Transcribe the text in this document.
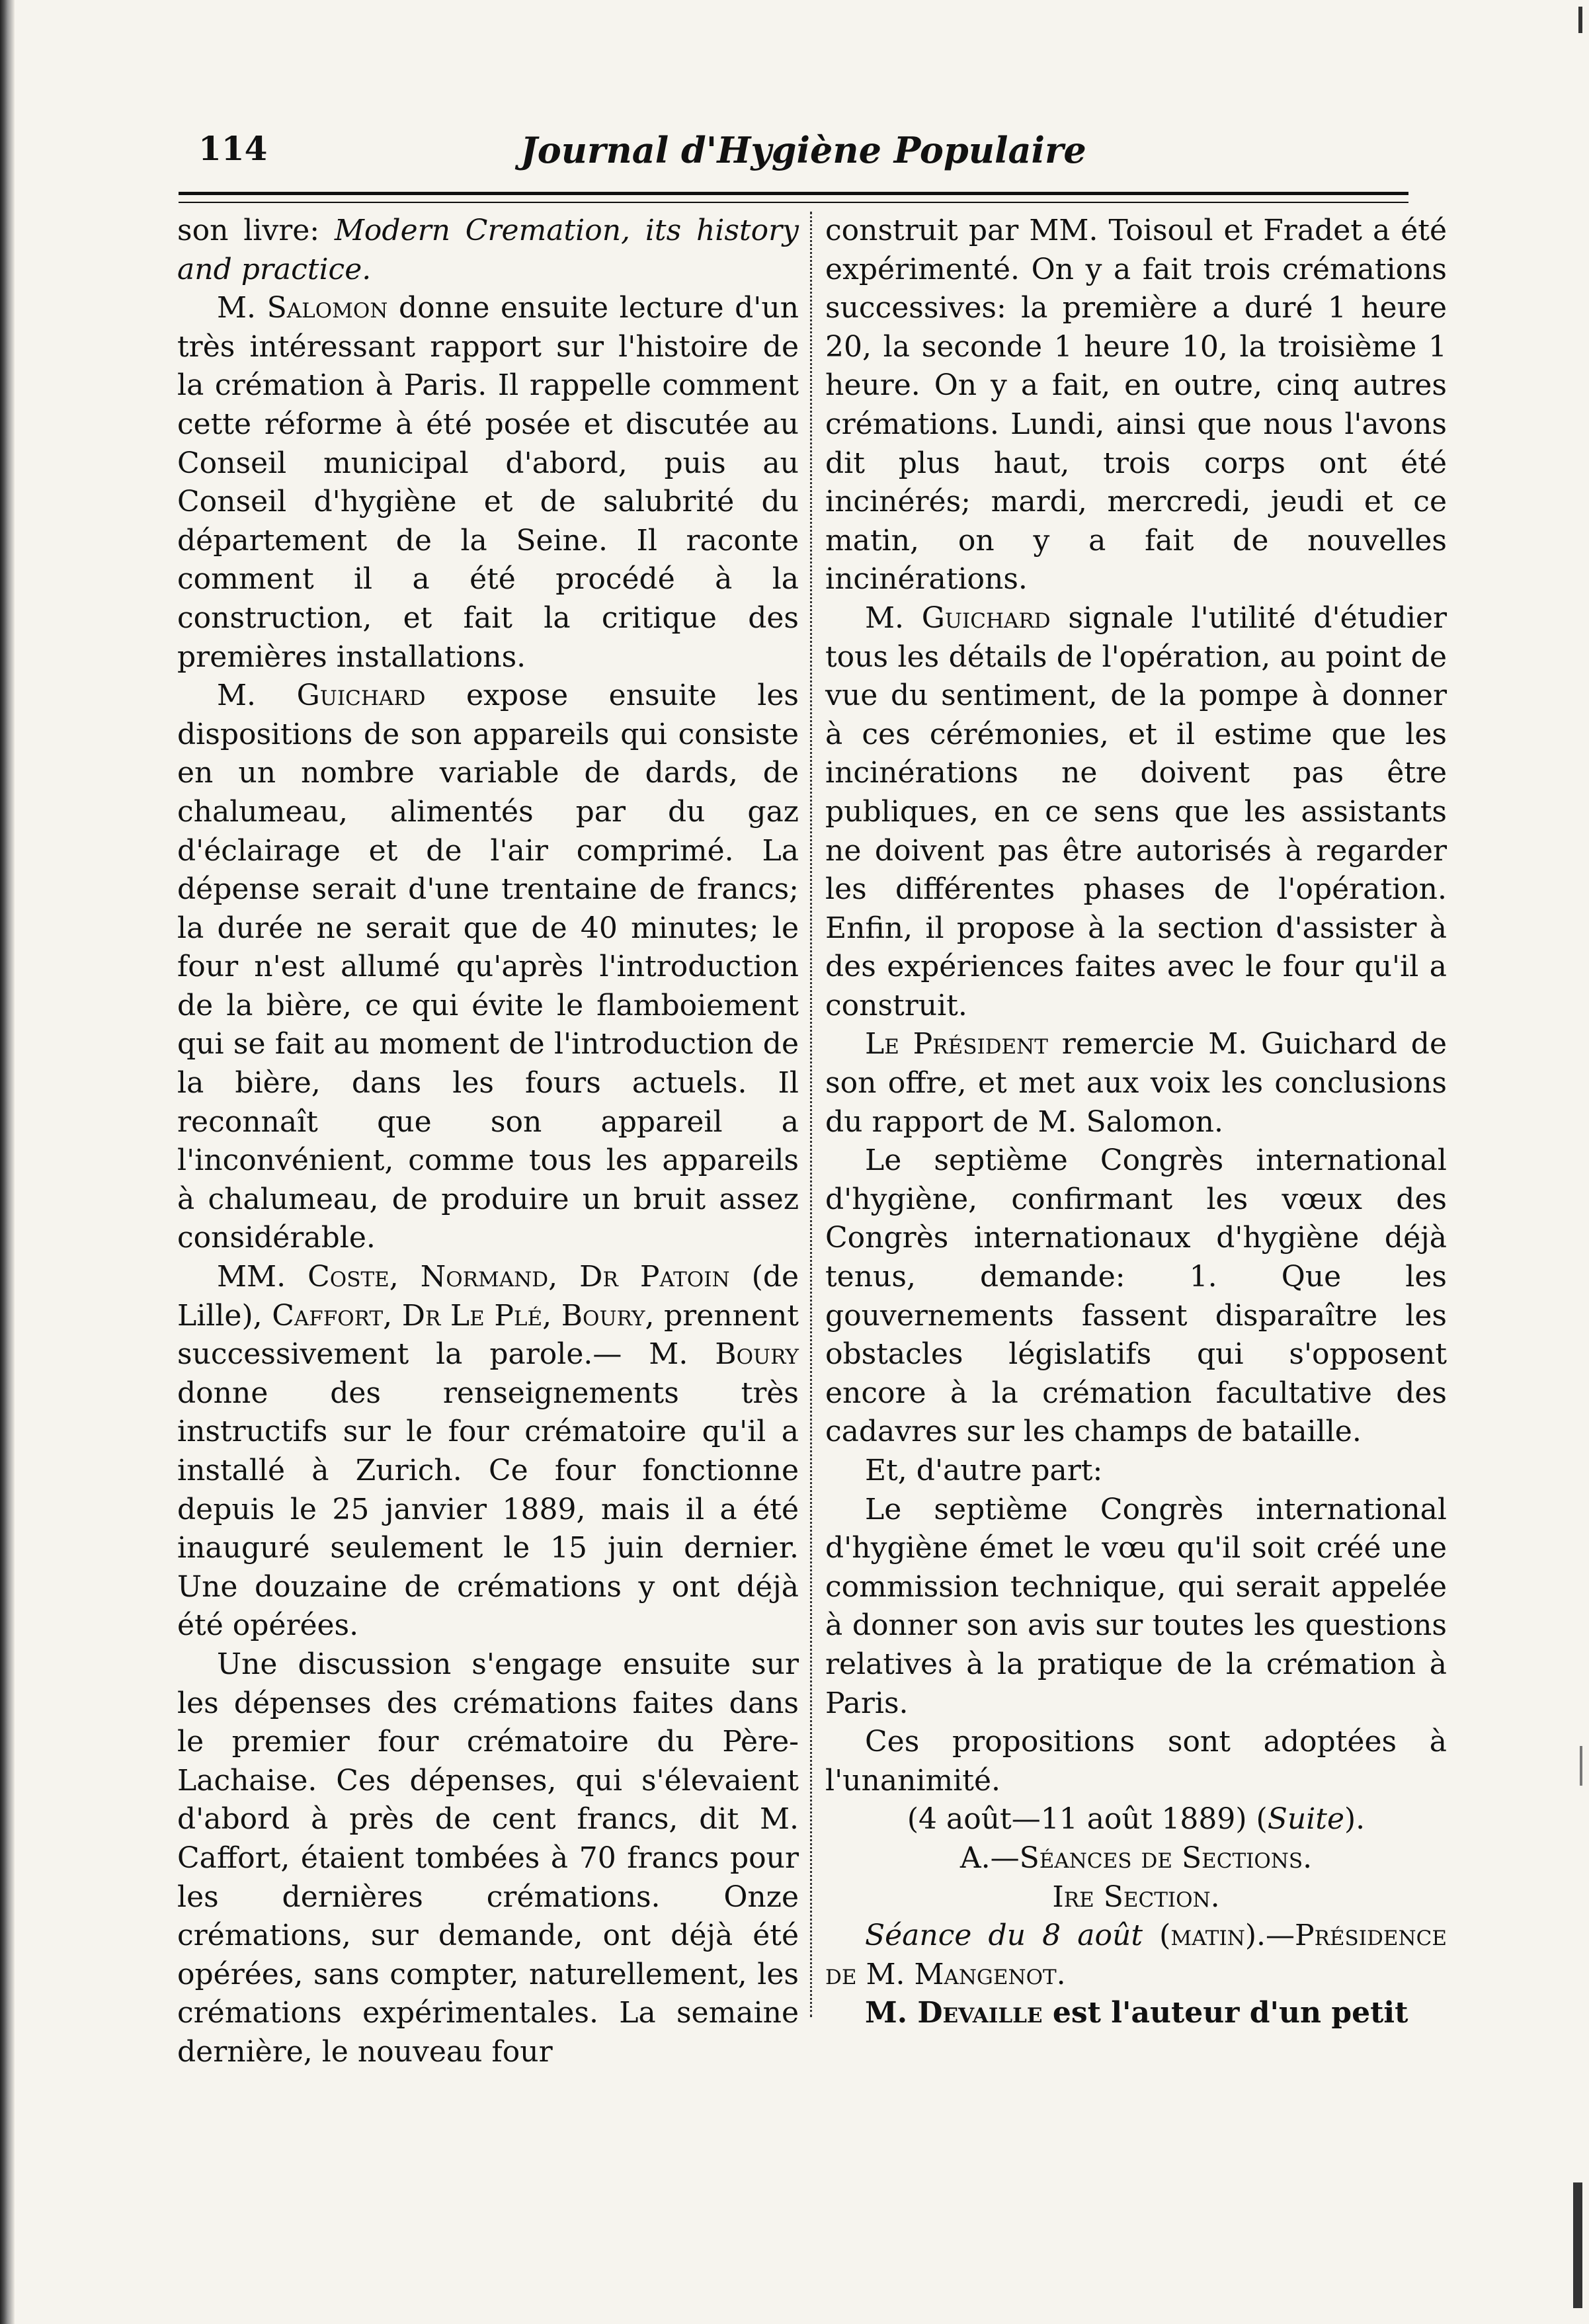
114	Journal d'Hygiène Populaire

son livre: Modern Cremation, its history and practice.

M. Salomon donne ensuite lecture d'un très intéressant rapport sur l'histoire de la crémation à Paris. Il rappelle comment cette réforme à été posée et discutée au Conseil municipal d'abord, puis au Conseil d'hygiène et de salubrité du département de la Seine. Il raconte comment il a été procédé à la construction, et fait la critique des premières installations.

M. Guichard expose ensuite les dispositions de son appareils qui consiste en un nombre variable de dards, de chalumeau, alimentés par du gaz d'éclairage et de l'air comprimé. La dépense serait d'une trentaine de francs; la durée ne serait que de 40 minutes; le four n'est allumé qu'après l'introduction de la bière, ce qui évite le flamboiement qui se fait au moment de l'introduction de la bière, dans les fours actuels. Il reconnaît que son appareil a l'inconvénient, comme tous les appareils à chalumeau, de produire un bruit assez considérable.

MM. Coste, Normand, Dr Patoin (de Lille), Caffort, Dr Le Plé, Boury, prennent successivement la parole.— M. Boury donne des renseignements très instructifs sur le four crématoire qu'il a installé à Zurich. Ce four fonctionne depuis le 25 janvier 1889, mais il a été inauguré seulement le 15 juin dernier. Une douzaine de crémations y ont déjà été opérées.

Une discussion s'engage ensuite sur les dépenses des crémations faites dans le premier four crématoire du Père-Lachaise. Ces dépenses, qui s'élevaient d'abord à près de cent francs, dit M. Caffort, étaient tombées à 70 francs pour les dernières crémations. Onze crémations, sur demande, ont déjà été opérées, sans compter, naturellement, les crémations expérimentales. La semaine dernière, le nouveau four

construit par MM. Toisoul et Fradet a été expérimenté. On y a fait trois crémations successives: la première a duré 1 heure 20, la seconde 1 heure 10, la troisième 1 heure. On y a fait, en outre, cinq autres crémations. Lundi, ainsi que nous l'avons dit plus haut, trois corps ont été incinérés; mardi, mercredi, jeudi et ce matin, on y a fait de nouvelles incinérations.

M. Guichard signale l'utilité d'étudier tous les détails de l'opération, au point de vue du sentiment, de la pompe à donner à ces cérémonies, et il estime que les incinérations ne doivent pas être publiques, en ce sens que les assistants ne doivent pas être autorisés à regarder les différentes phases de l'opération. Enfin, il propose à la section d'assister à des expériences faites avec le four qu'il a construit.

Le Président remercie M. Guichard de son offre, et met aux voix les conclusions du rapport de M. Salomon.

Le septième Congrès international d'hygiène, confirmant les vœux des Congrès internationaux d'hygiène déjà tenus, demande: 1. Que les gouvernements fassent disparaître les obstacles législatifs qui s'opposent encore à la crémation facultative des cadavres sur les champs de bataille.

Et, d'autre part:

Le septième Congrès international d'hygiène émet le vœu qu'il soit créé une commission technique, qui serait appelée à donner son avis sur toutes les questions relatives à la pratique de la crémation à Paris.

Ces propositions sont adoptées à l'unanimité.

(4 août—11 août 1889) (Suite).

A.—Séances de Sections.

Ire Section.

Séance du 8 août (matin).—Présidence de M. Mangenot.

M. Devaille est l'auteur d'un petit
